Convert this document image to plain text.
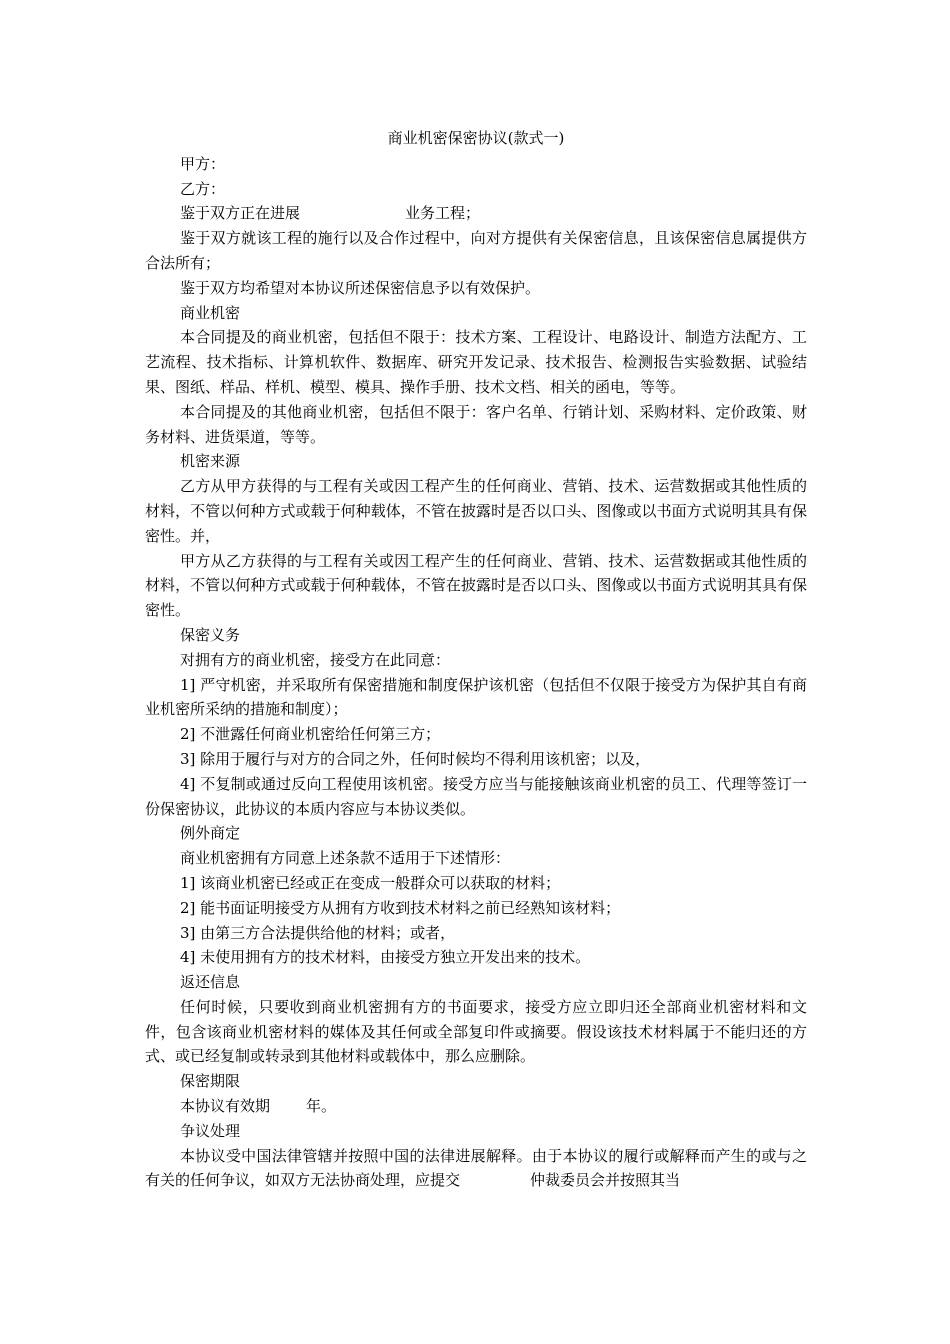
商业机密保密协议(款式一)

甲方：

乙方：

鉴于双方正在进展	业务工程；

鉴于双方就该工程的施行以及合作过程中，向对方提供有关保密信息，且该保密信息属提供方合法所有；

鉴于双方均希望对本协议所述保密信息予以有效保护。

商业机密

本合同提及的商业机密，包括但不限于：技术方案、工程设计、电路设计、制造方法配方、工艺流程、技术指标、计算机软件、数据库、研究开发记录、技术报告、检测报告实验数据、试验结果、图纸、样品、样机、模型、模具、操作手册、技术文档、相关的函电，等等。

本合同提及的其他商业机密，包括但不限于：客户名单、行销计划、采购材料、定价政策、财务材料、进货渠道，等等。

机密来源

乙方从甲方获得的与工程有关或因工程产生的任何商业、营销、技术、运营数据或其他性质的材料，不管以何种方式或载于何种载体，不管在披露时是否以口头、图像或以书面方式说明其具有保密性。并，

甲方从乙方获得的与工程有关或因工程产生的任何商业、营销、技术、运营数据或其他性质的材料，不管以何种方式或载于何种载体，不管在披露时是否以口头、图像或以书面方式说明其具有保密性。

保密义务

对拥有方的商业机密，接受方在此同意：

1] 严守机密，并采取所有保密措施和制度保护该机密（包括但不仅限于接受方为保护其自有商业机密所采纳的措施和制度）；

2] 不泄露任何商业机密给任何第三方；

3] 除用于履行与对方的合同之外，任何时候均不得利用该机密；以及，

4] 不复制或通过反向工程使用该机密。接受方应当与能接触该商业机密的员工、代理等签订一份保密协议，此协议的本质内容应与本协议类似。

例外商定

商业机密拥有方同意上述条款不适用于下述情形：

1] 该商业机密已经或正在变成一般群众可以获取的材料；

2] 能书面证明接受方从拥有方收到技术材料之前已经熟知该材料；

3] 由第三方合法提供给他的材料；或者，

4] 未使用拥有方的技术材料，由接受方独立开发出来的技术。

返还信息

任何时候，只要收到商业机密拥有方的书面要求，接受方应立即归还全部商业机密材料和文件，包含该商业机密材料的媒体及其任何或全部复印件或摘要。假设该技术材料属于不能归还的方式、或已经复制或转录到其他材料或载体中，那么应删除。

保密期限

本协议有效期 年。

争议处理

本协议受中国法律管辖并按照中国的法律进展解释。由于本协议的履行或解释而产生的或与之有关的任何争议，如双方无法协商处理，应提交	仲裁委员会并按照其当
